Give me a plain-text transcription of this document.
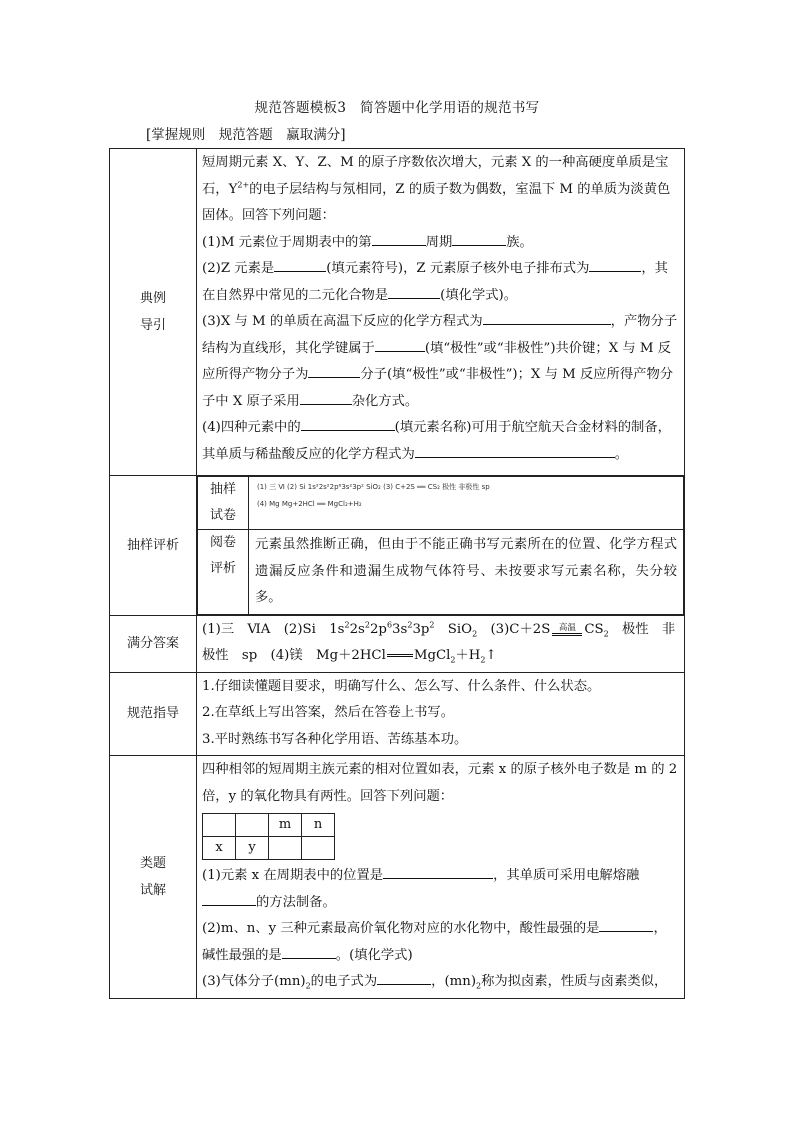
规范答题模板3　简答题中化学用语的规范书写
[掌握规则　规范答题　赢取满分]
典例
导引

短周期元素 X、Y、Z、M 的原子序数依次增大，元素 X 的一种高硬度单质是宝石，$Y^{2+}$的电子层结构与氖相同，Z 的质子数为偶数，室温下 M 的单质为淡黄色固体。回答下列问题：
(1)M 元素位于周期表中的第	周期	族。
(2)Z 元素是	(填元素符号)，Z 元素原子核外电子排布式为	，其在自然界中常见的二元化合物是	(填化学式)。
(3)X 与 M 的单质在高温下反应的化学方程式为	，产物分子结构为直线形，其化学键属于	(填“极性”或“非极性”)共价键；X 与 M 反应所得产物分子为	分子(填“极性”或“非极性”)；X 与 M 反应所得产物分子中 X 原子采用	杂化方式。
(4)四种元素中的	(填元素名称)可用于航空航天合金材料的制备，其单质与稀盐酸反应的化学方程式为	。

抽样评析	
抽样
试卷

(1) 三 Ⅵ (2) Si 1s²2s²2p⁶3s²3p² SiO₂ (3) C+2S ══ CS₂ 极性 非极性 sp
(4) Mg Mg+2HCl ══ MgCl₂+H₂

阅卷
评析
	元素虽然推断正确，但由于不能正确书写元素所在的位置、化学方程式遗漏反应条件和遗漏生成物气体符号、未按要求写元素名称，失分较多。

满分答案	(1)三　ⅥA　(2)Si　$1s^22s^22p^63s^23p^2$　SiO$_2$　(3)C＋2S 高温 $CS_2$　极性　非极性　sp　(4)镁　Mg＋2HCl $MgCl_2+H_2↑$
规范指导	
1.仔细读懂题目要求，明确写什么、怎么写、什么条件、什么状态。
2.在草纸上写出答案，然后在答卷上书写。
3.平时熟练书写各种化学用语、苦练基本功。

类题
试解

四种相邻的短周期主族元素的相对位置如表，元素 x 的原子核外电子数是 m 的 2 倍，y 的氧化物具有两性。回答下列问题：
		m	n
x	y		
(1)元素 x 在周期表中的位置是	，其单质可采用电解熔融
的方法制备。
(2)m、n、y 三种元素最高价氧化物对应的水化物中，酸性最强的是	，碱性最强的是	。(填化学式)
(3)气体分子$(mn)_2$的电子式为	，$(mn)_2$称为拟卤素，性质与卤素类似，
